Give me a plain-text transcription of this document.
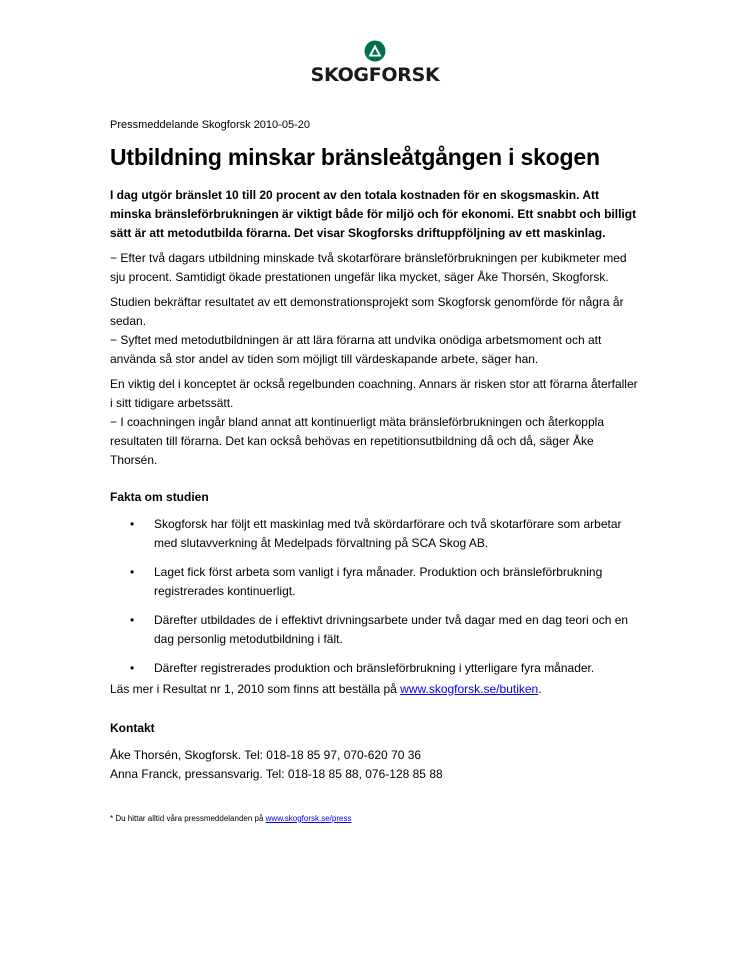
SKOGFORSK

Pressmeddelande Skogforsk 2010-05-20

Utbildning minskar bränsleåtgången i skogen

I dag utgör bränslet 10 till 20 procent av den totala kostnaden för en skogsmaskin. Att minska bränsleförbrukningen är viktigt både för miljö och för ekonomi. Ett snabbt och billigt sätt är att metodutbilda förarna. Det visar Skogforsks driftuppföljning av ett maskinlag.

− Efter två dagars utbildning minskade två skotarförare bränsleförbrukningen per kubikmeter med sju procent. Samtidigt ökade prestationen ungefär lika mycket, säger Åke Thorsén, Skogforsk.

Studien bekräftar resultatet av ett demonstrationsprojekt som Skogforsk genomförde för några år sedan.

− Syftet med metodutbildningen är att lära förarna att undvika onödiga arbetsmoment och att använda så stor andel av tiden som möjligt till värdeskapande arbete, säger han.

En viktig del i konceptet är också regelbunden coachning. Annars är risken stor att förarna återfaller i sitt tidigare arbetssätt.

− I coachningen ingår bland annat att kontinuerligt mäta bränsleförbrukningen och återkoppla resultaten till förarna. Det kan också behövas en repetitionsutbildning då och då, säger Åke Thorsén.

Fakta om studien
• Skogforsk har följt ett maskinlag med två skördarförare och två skotarförare som arbetar med slutavverkning åt Medelpads förvaltning på SCA Skog AB.
• Laget fick först arbeta som vanligt i fyra månader. Produktion och bränsleförbrukning registrerades kontinuerligt.
• Därefter utbildades de i effektivt drivningsarbete under två dagar med en dag teori och en dag personlig metodutbildning i fält.
• Därefter registrerades produktion och bränsleförbrukning i ytterligare fyra månader.

Läs mer i Resultat nr 1, 2010 som finns att beställa på www.skogforsk.se/butiken.

Kontakt

Åke Thorsén, Skogforsk. Tel: 018-18 85 97, 070-620 70 36

Anna Franck, pressansvarig. Tel: 018-18 85 88, 076-128 85 88

* Du hittar alltid våra pressmeddelanden på www.skogforsk.se/press
